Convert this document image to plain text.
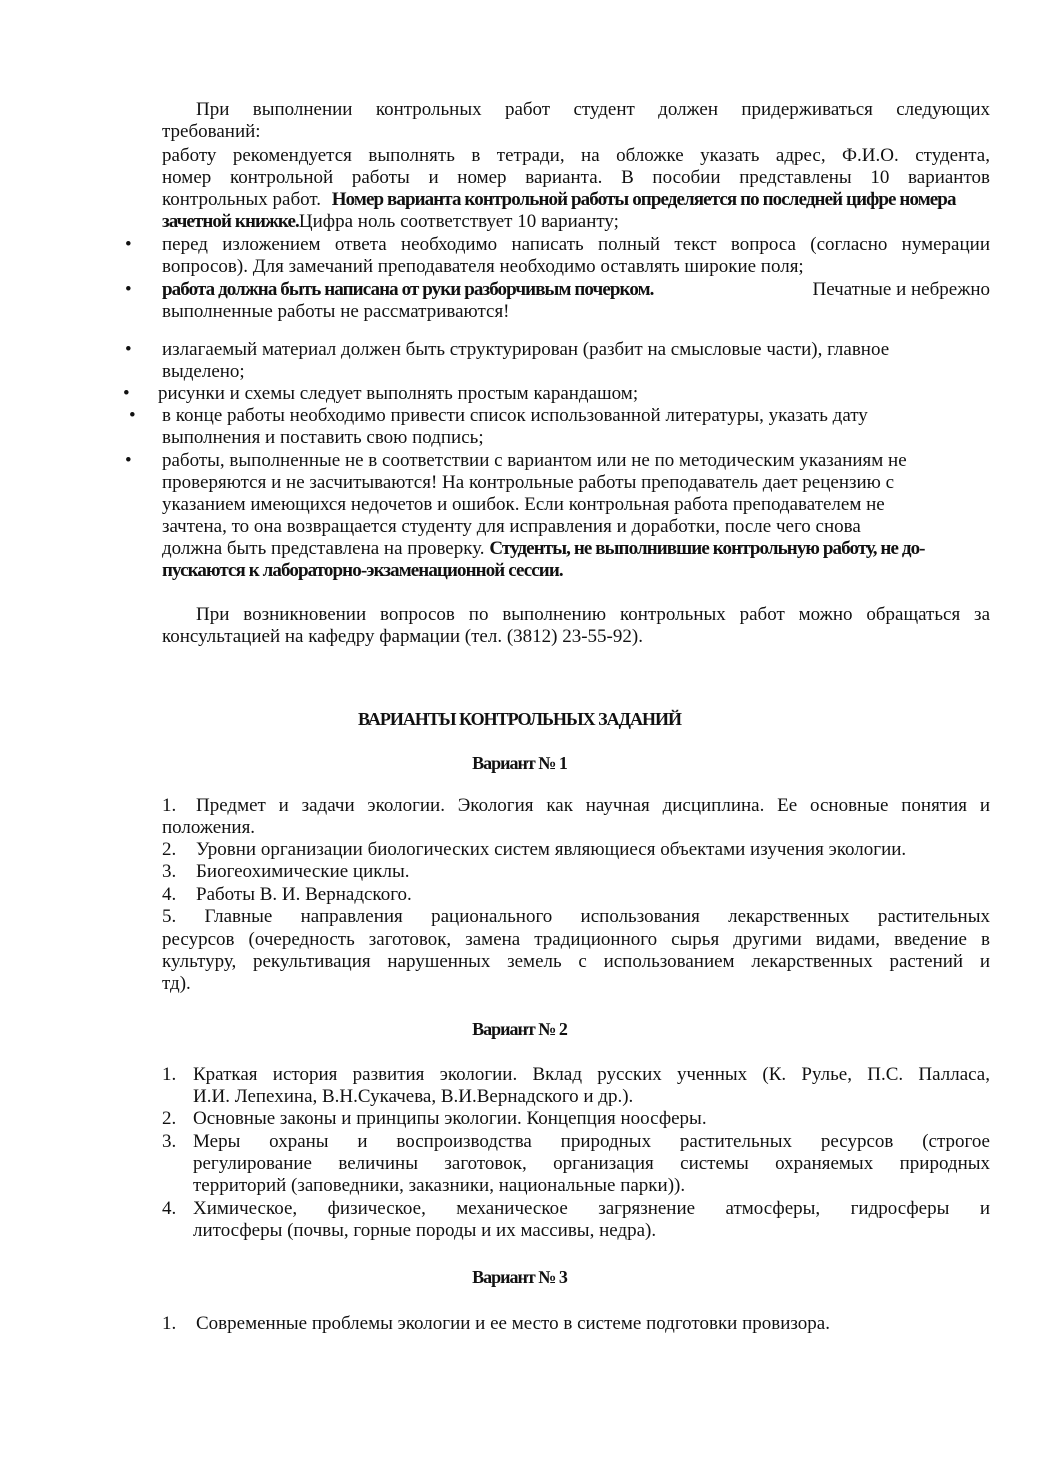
При выполнении контрольных работ студент должен придерживаться следующих
требований:
работу рекомендуется выполнять в тетради, на обложке указать адрес, Ф.И.О. студента,
номер контрольной работы и номер варианта. В пособии представлены 10 вариантов
контрольных работ. Номер варианта контрольной работы определяется по последней цифре номера
зачетной книжке.Цифра ноль соответствует 10 варианту;
• перед изложением ответа необходимо написать полный текст вопроса (согласно нумерации
вопросов). Для замечаний преподавателя необходимо оставлять широкие поля;
• работа должна быть написана от руки разборчивым почерком.	Печатные и небрежно
выполненные работы не рассматриваются!
• излагаемый материал должен быть структурирован (разбит на смысловые части), главное
выделено;
• рисунки и схемы следует выполнять простым карандашом;
• в конце работы необходимо привести список использованной литературы, указать дату
выполнения и поставить свою подпись;
• работы, выполненные не в соответствии с вариантом или не по методическим указаниям не
проверяются и не засчитываются! На контрольные работы преподаватель дает рецензию с
указанием имеющихся недочетов и ошибок. Если контрольная работа преподавателем не
зачтена, то она возвращается студенту для исправления и доработки, после чего снова
должна быть представлена на проверку. Студенты, не выполнившие контрольную работу, не до-
пускаются к лабораторно-экзаменационной сессии.
При возникновении вопросов по выполнению контрольных работ можно обращаться за
консультацией на кафедру фармации (тел. (3812) 23-55-92).
ВАРИАНТЫ КОНТРОЛЬНЫХ ЗАДАНИЙ
Вариант № 1
1. Предмет и задачи экологии. Экология как научная дисциплина. Ее основные понятия и
положения.
2. Уровни организации биологических систем являющиеся объектами изучения экологии.
3. Биогеохимические циклы.
4. Работы В. И. Вернадского.
5. Главные направления рационального использования лекарственных растительных
ресурсов (очередность заготовок, замена традиционного сырья другими видами, введение в
культуру, рекультивация нарушенных земель с использованием лекарственных растений и
тд).
Вариант № 2
1. Краткая история развития экологии. Вклад русских ученных (К. Рулье, П.С. Палласа,
И.И. Лепехина, В.Н.Сукачева, В.И.Вернадского и др.).
2. Основные законы и принципы экологии. Концепция ноосферы.
3. Меры охраны и воспроизводства природных растительных ресурсов (строгое
регулирование величины заготовок, организация системы охраняемых природных
территорий (заповедники, заказники, национальные парки)).
4. Химическое, физическое, механическое загрязнение атмосферы, гидросферы и
литосферы (почвы, горные породы и их массивы, недра).
Вариант № 3
1. Современные проблемы экологии и ее место в системе подготовки провизора.
